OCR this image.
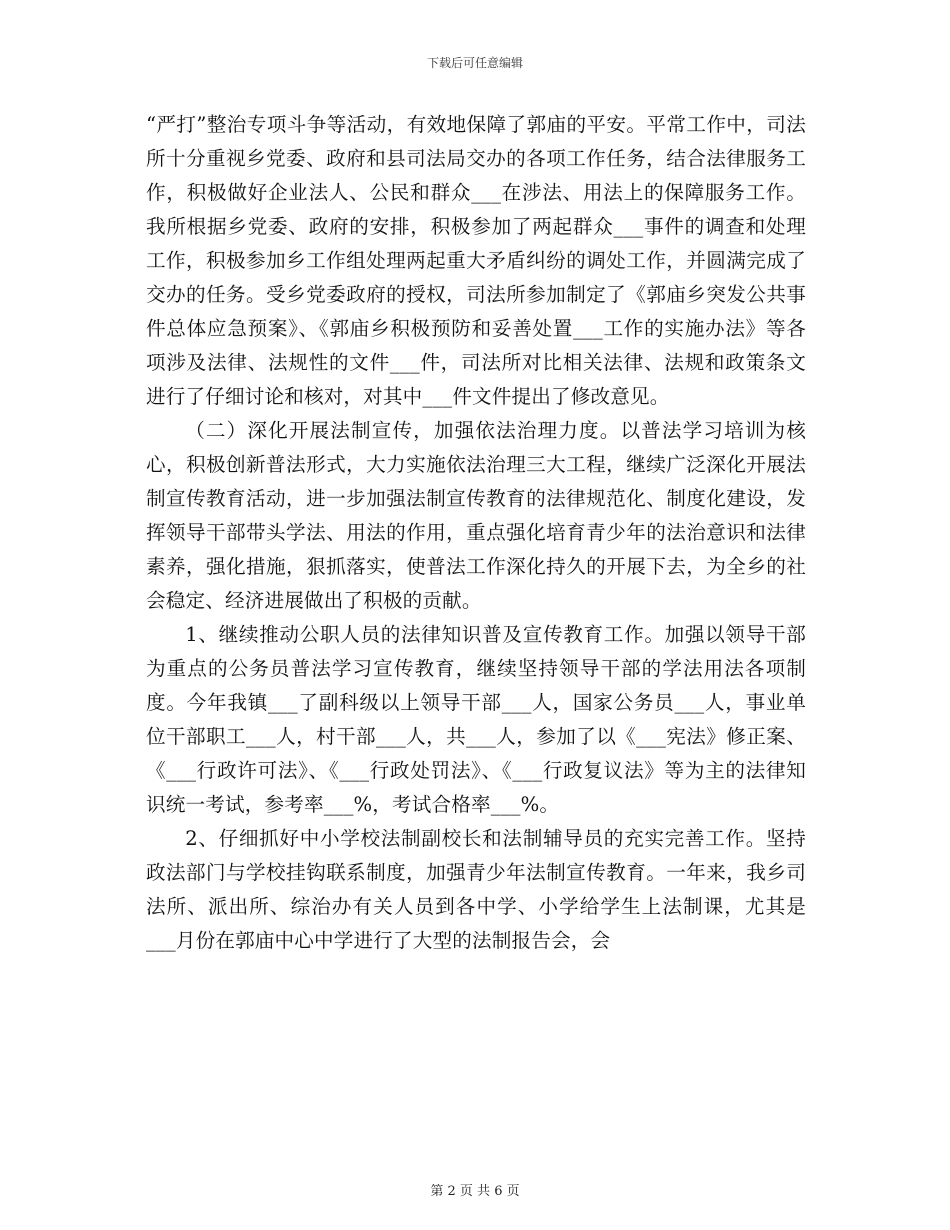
下载后可任意编辑

“严打”整治专项斗争等活动，有效地保障了郭庙的平安。平常工作中，司法所十分重视乡党委、政府和县司法局交办的各项工作任务，结合法律服务工作，积极做好企业法人、公民和群众___在涉法、用法上的保障服务工作。我所根据乡党委、政府的安排，积极参加了两起群众___事件的调查和处理工作，积极参加乡工作组处理两起重大矛盾纠纷的调处工作，并圆满完成了交办的任务。受乡党委政府的授权，司法所参加制定了《郭庙乡突发公共事件总体应急预案》、《郭庙乡积极预防和妥善处置___工作的实施办法》等各项涉及法律、法规性的文件___件，司法所对比相关法律、法规和政策条文进行了仔细讨论和核对，对其中___件文件提出了修改意见。

（二）深化开展法制宣传，加强依法治理力度。以普法学习培训为核心，积极创新普法形式，大力实施依法治理三大工程，继续广泛深化开展法制宣传教育活动，进一步加强法制宣传教育的法律规范化、制度化建设，发挥领导干部带头学法、用法的作用，重点强化培育青少年的法治意识和法律素养，强化措施，狠抓落实，使普法工作深化持久的开展下去，为全乡的社会稳定、经济进展做出了积极的贡献。

1、继续推动公职人员的法律知识普及宣传教育工作。加强以领导干部为重点的公务员普法学习宣传教育，继续坚持领导干部的学法用法各项制度。今年我镇___了副科级以上领导干部___人，国家公务员___人，事业单位干部职工___人，村干部___人，共___人，参加了以《___宪法》修正案、《___行政许可法》、《___行政处罚法》、《___行政复议法》等为主的法律知识统一考试，参考率___%，考试合格率___%。

2、仔细抓好中小学校法制副校长和法制辅导员的充实完善工作。坚持政法部门与学校挂钩联系制度，加强青少年法制宣传教育。一年来，我乡司法所、派出所、综治办有关人员到各中学、小学给学生上法制课，尤其是___月份在郭庙中心中学进行了大型的法制报告会，会

第 2 页 共 6 页
